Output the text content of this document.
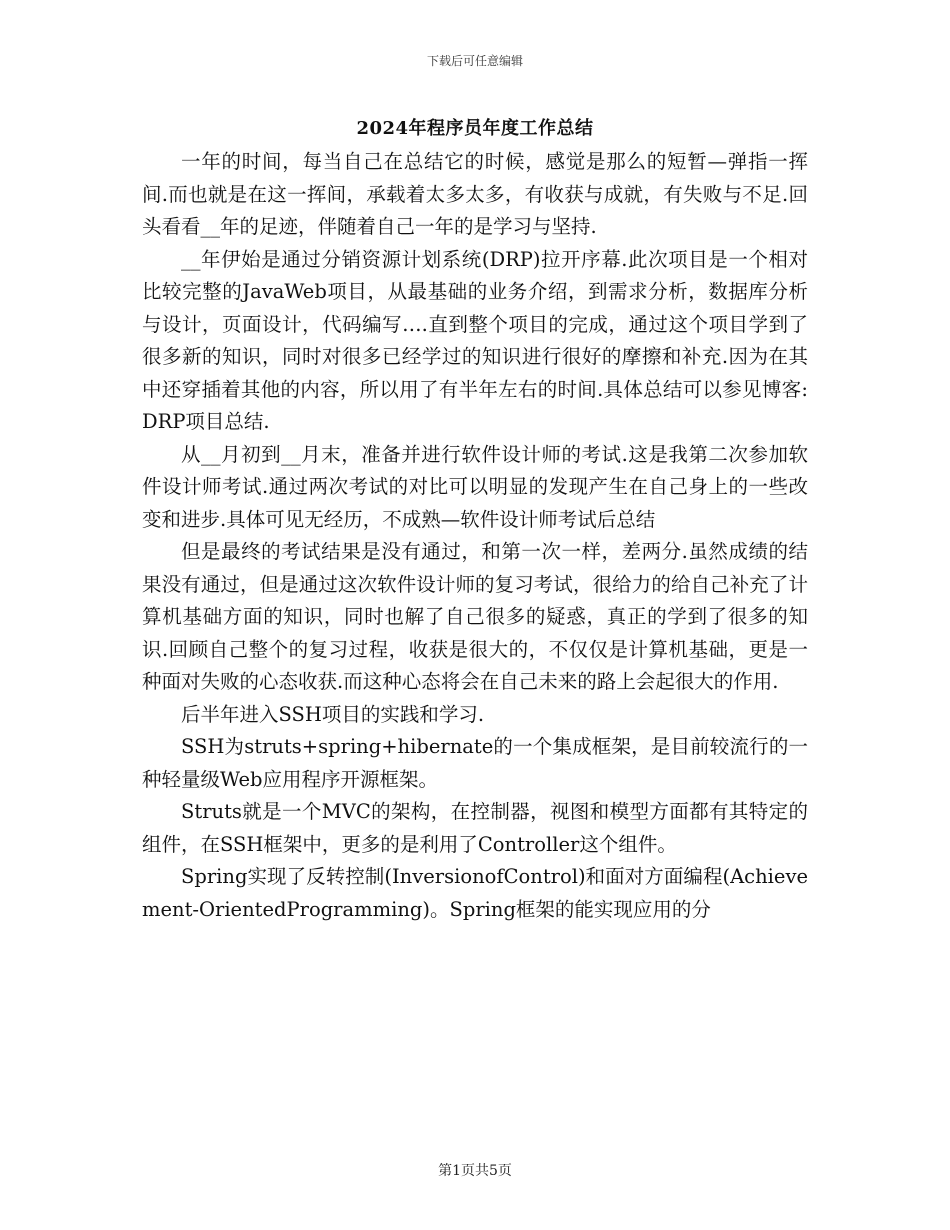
下载后可任意编辑
2024年程序员年度工作总结

一年的时间，每当自己在总结它的时候，感觉是那么的短暂—弹指一挥间.而也就是在这一挥间，承载着太多太多，有收获与成就，有失败与不足.回头看看__年的足迹，伴随着自己一年的是学习与坚持.

__年伊始是通过分销资源计划系统(DRP)拉开序幕.此次项目是一个相对比较完整的JavaWeb项目，从最基础的业务介绍，到需求分析，数据库分析与设计，页面设计，代码编写….直到整个项目的完成，通过这个项目学到了很多新的知识，同时对很多已经学过的知识进行很好的摩擦和补充.因为在其中还穿插着其他的内容，所以用了有半年左右的时间.具体总结可以参见博客:DRP项目总结.

从__月初到__月末，准备并进行软件设计师的考试.这是我第二次参加软件设计师考试.通过两次考试的对比可以明显的发现产生在自己身上的一些改变和进步.具体可见无经历，不成熟—软件设计师考试后总结

但是最终的考试结果是没有通过，和第一次一样，差两分.虽然成绩的结果没有通过，但是通过这次软件设计师的复习考试，很给力的给自己补充了计算机基础方面的知识，同时也解了自己很多的疑惑，真正的学到了很多的知识.回顾自己整个的复习过程，收获是很大的，不仅仅是计算机基础，更是一种面对失败的心态收获.而这种心态将会在自己未来的路上会起很大的作用.

后半年进入SSH项目的实践和学习.

SSH为struts+spring+hibernate的一个集成框架，是目前较流行的一种轻量级Web应用程序开源框架。

Struts就是一个MVC的架构，在控制器，视图和模型方面都有其特定的组件，在SSH框架中，更多的是利用了Controller这个组件。

Spring实现了反转控制(InversionofControl)和面对方面编程(Achievement-OrientedProgramming)。Spring框架的能实现应用的分

第1页共5页
